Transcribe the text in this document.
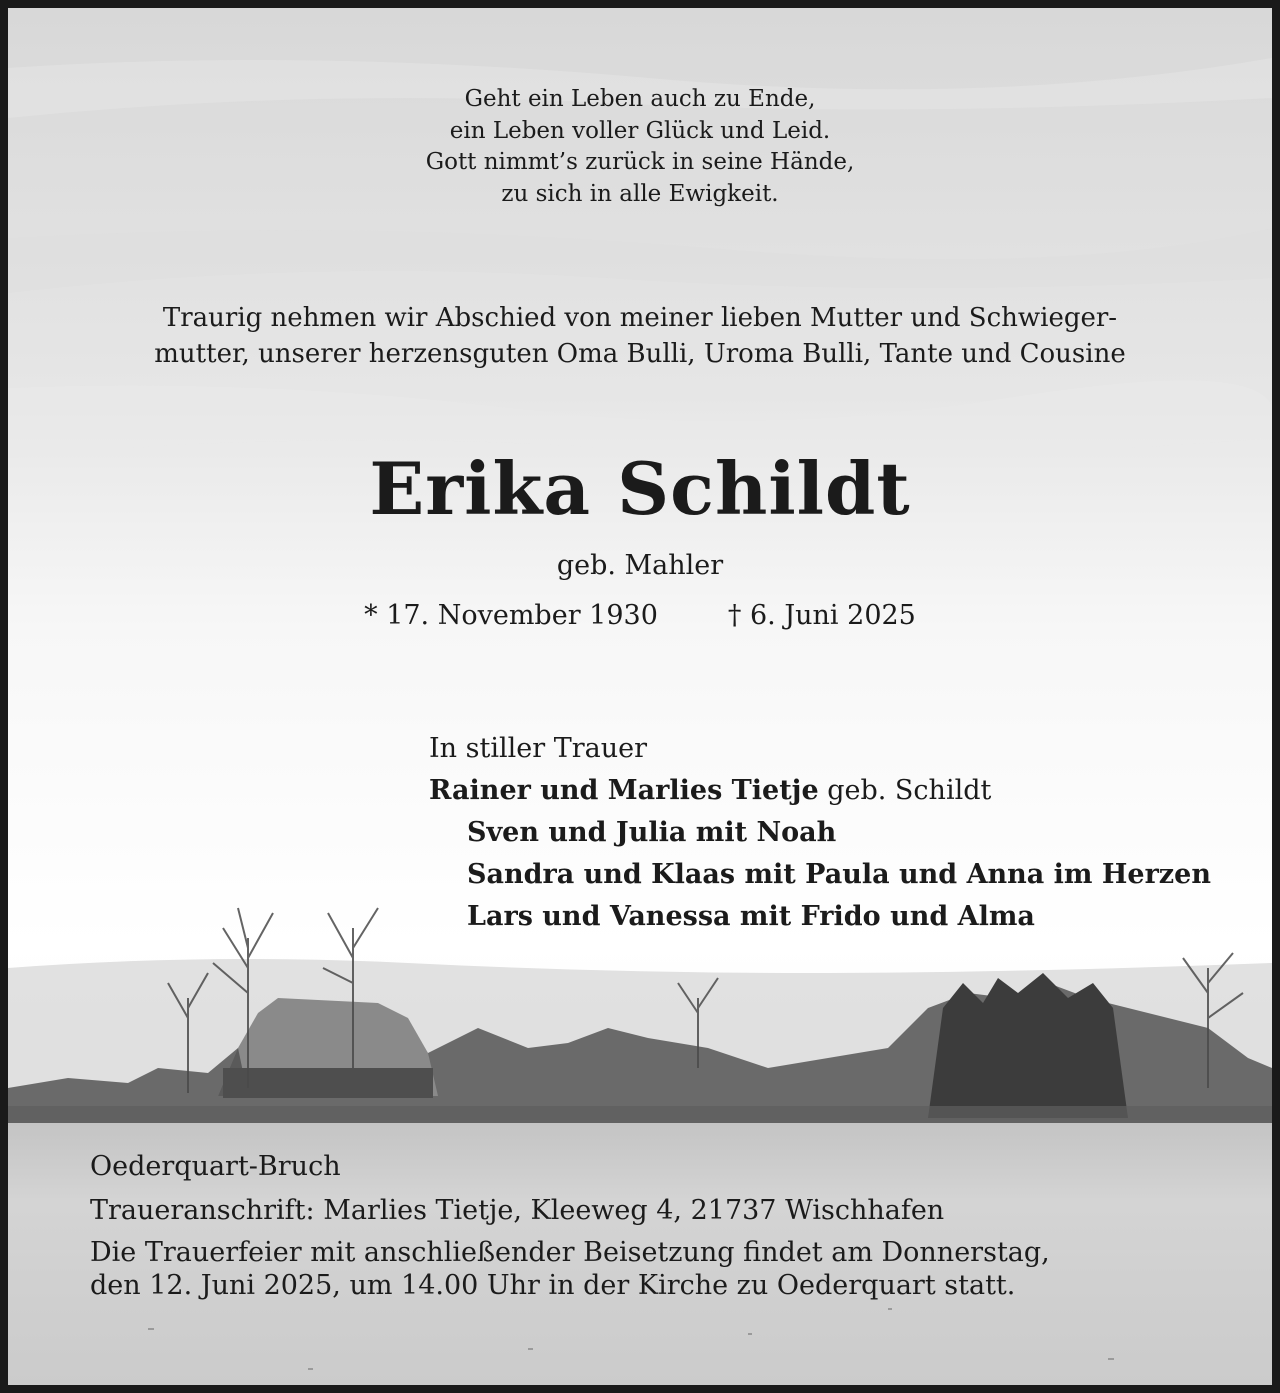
Geht ein Leben auch zu Ende,
ein Leben voller Glück und Leid.
Gott nimmt’s zurück in seine Hände,
zu sich in alle Ewigkeit.
Traurig nehmen wir Abschied von meiner lieben Mutter und Schwieger-
mutter, unserer herzensguten Oma Bulli, Uroma Bulli, Tante und Cousine
Erika Schildt
geb. Mahler
* 17. November 1930	† 6. Juni 2025
In stiller Trauer
Rainer und Marlies Tietje geb. Schildt
Sven und Julia mit Noah
Sandra und Klaas mit Paula und Anna im Herzen
Lars und Vanessa mit Frido und Alma
Oederquart-Bruch
Traueranschrift: Marlies Tietje, Kleeweg 4, 21737 Wischhafen
Die Trauerfeier mit anschließender Beisetzung findet am Donnerstag,
den 12. Juni 2025, um 14.00 Uhr in der Kirche zu Oederquart statt.
